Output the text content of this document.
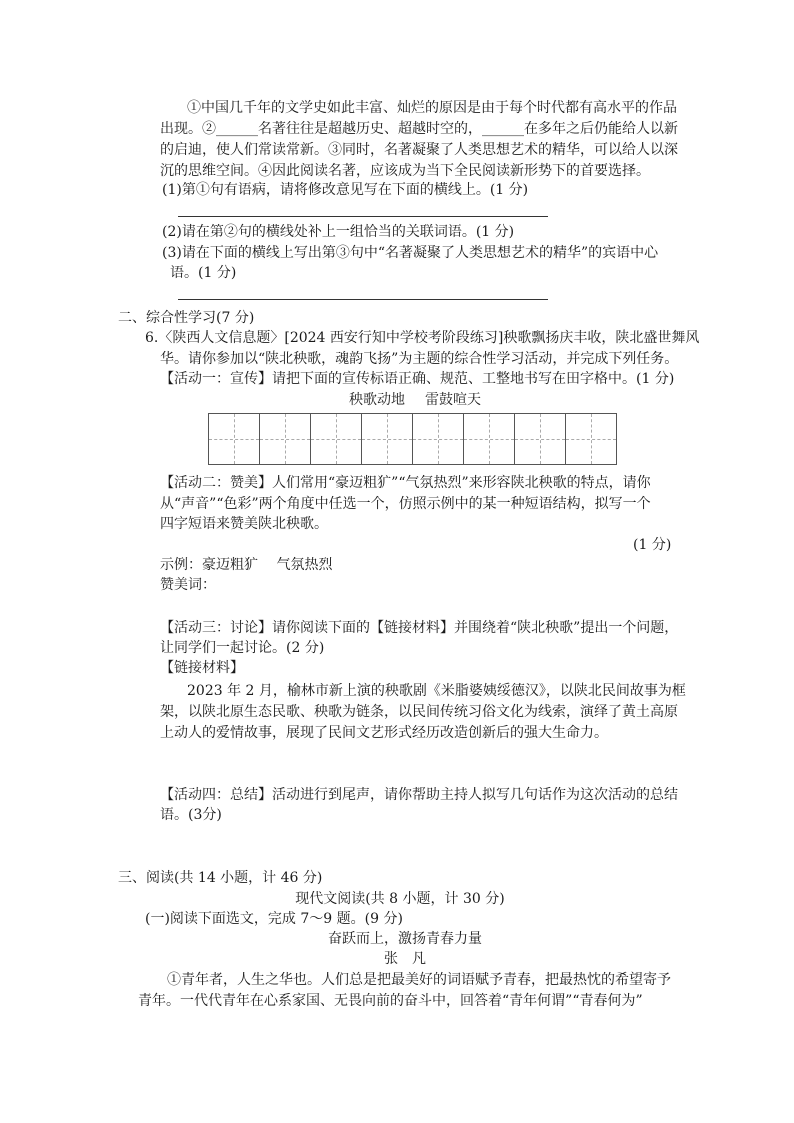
①中国几千年的文学史如此丰富、灿烂的原因是由于每个时代都有高水平的作品
出现。②______名著往往是超越历史、超越时空的，______在多年之后仍能给人以新
的启迪，使人们常读常新。③同时，名著凝聚了人类思想艺术的精华，可以给人以深
沉的思维空间。④因此阅读名著，应该成为当下全民阅读新形势下的首要选择。
(1)第①句有语病，请将修改意见写在下面的横线上。(1 分)
(2)请在第②句的横线处补上一组恰当的关联词语。(1 分)
(3)请在下面的横线上写出第③句中“名著凝聚了人类思想艺术的精华”的宾语中心
语。(1 分)
二、综合性学习(7 分)
6.〈陕西人文信息题〉[2024 西安行知中学校考阶段练习]秧歌飘扬庆丰收，陕北盛世舞风
华。请你参加以“陕北秧歌，魂韵飞扬”为主题的综合性学习活动，并完成下列任务。
【活动一：宣传】请把下面的宣传标语正确、规范、工整地书写在田字格中。(1 分)
秧歌动地 雷鼓喧天
【活动二：赞美】人们常用“豪迈粗犷”“气氛热烈”来形容陕北秧歌的特点，请你
从“声音”“色彩”两个角度中任选一个，仿照示例中的某一种短语结构，拟写一个
四字短语来赞美陕北秧歌。
(1 分)
示例：豪迈粗犷　 气氛热烈
赞美词：
【活动三：讨论】请你阅读下面的【链接材料】并围绕着“陕北秧歌”提出一个问题，
让同学们一起讨论。(2 分)
【链接材料】
2023 年 2 月，榆林市新上演的秧歌剧《米脂婆姨绥德汉》，以陕北民间故事为框
架，以陕北原生态民歌、秧歌为链条，以民间传统习俗文化为线索，演绎了黄土高原
上动人的爱情故事，展现了民间文艺形式经历改造创新后的强大生命力。
【活动四：总结】活动进行到尾声，请你帮助主持人拟写几句话作为这次活动的总结
语。(3分)
三、阅读(共 14 小题，计 46 分)
现代文阅读(共 8 小题，计 30 分)
(一)阅读下面选文，完成 7～9 题。(9 分)
奋跃而上，激扬青春力量
张　凡
①青年者，人生之华也。人们总是把最美好的词语赋予青春，把最热忱的希望寄予
青年。一代代青年在心系家国、无畏向前的奋斗中，回答着“青年何谓”“青春何为”
